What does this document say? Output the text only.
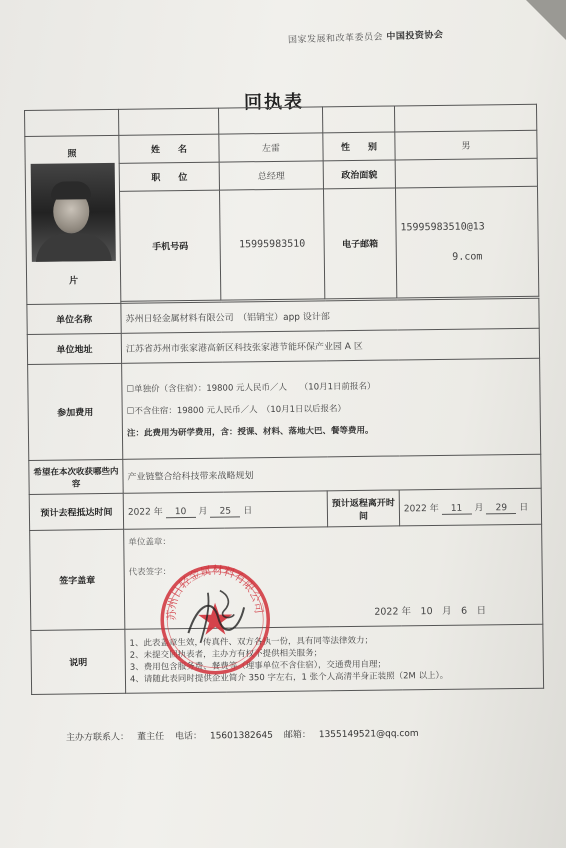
国家发展和改革委员会 中国投资协会
回执表

照
片	姓　　名	左雷	性　　别	男
	职　　位	总经理	政治面貌	
	手机号码	15995983510	电子邮箱	15995983510@13
9.com

单位名称	苏州日轻金属材料有限公司　（铝销宝）app 设计部			
单位地址	江苏省苏州市张家港高新区科技张家港节能环保产业园 A 区			
参加费用	☐单独价（含住宿）：19800 元人民币／人　　（10月1日前报名）
☐不含住宿：19800 元人民币／人　（10月1日以后报名）
注：此费用为研学费用，含：授课、材料、落地大巴、餐等费用。			

希望在本次收获哪些内容	产业链整合给科技带来战略规划			
预计去程抵达时间	2022 年 10 月 25 日		预计返程离开时间	2022 年 11 月 29 日
签字盖章	单位盖章：
代表签字：
2022 年　10　月　6　日			

说明	1、此表盖章生效，传真件、双方各执一份，具有同等法律效力；
2、未提交回执表者，主办方有权不提供相关服务；
3、费用包含服务费、餐费等（理事单位不含住宿），交通费用自理；
4、请随此表同时提供企业简介 350 字左右，1 张个人高清半身正装照（2M 以上）。			
苏州日轻金属材料有限公司
主办方联系人： 董主任 电话： 15601382645 邮箱： 1355149521@qq.com
